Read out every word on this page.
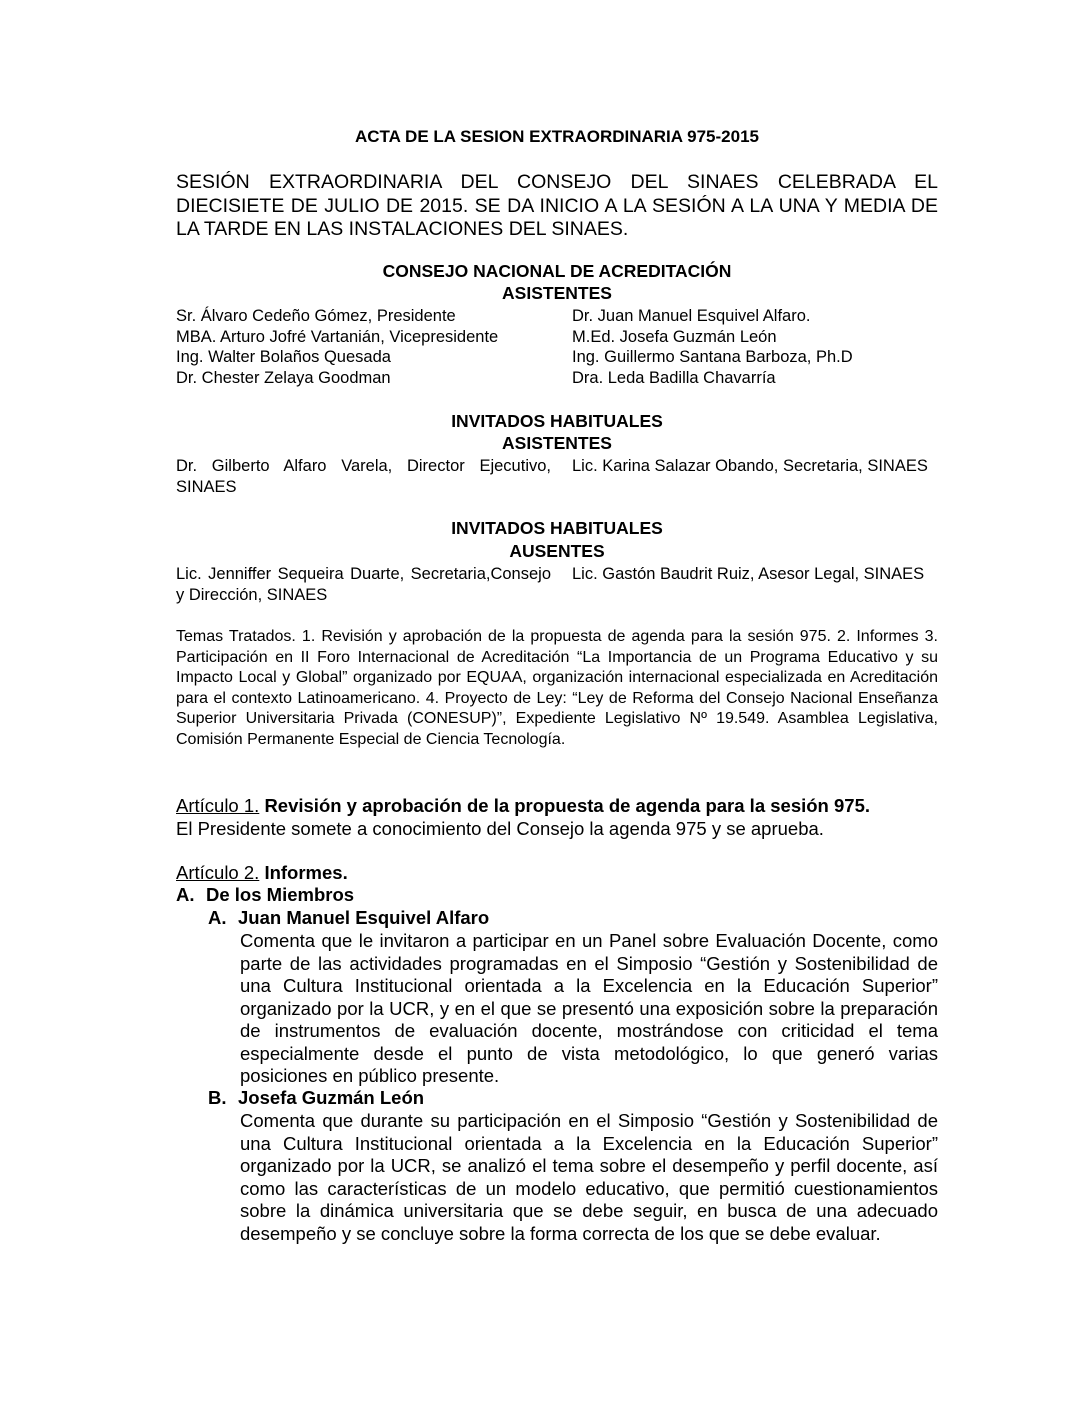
ACTA DE LA SESION EXTRAORDINARIA 975-2015
SESIÓN EXTRAORDINARIA DEL CONSEJO DEL SINAES CELEBRADA EL DIECISIETE DE JULIO DE 2015. SE DA INICIO A LA SESIÓN A LA UNA Y MEDIA DE LA TARDE EN LAS INSTALACIONES DEL SINAES.
CONSEJO NACIONAL DE ACREDITACIÓN
ASISTENTES
Sr. Álvaro Cedeño Gómez, Presidente
MBA. Arturo Jofré Vartanián, Vicepresidente
Ing. Walter Bolaños Quesada
Dr. Chester Zelaya Goodman
Dr. Juan Manuel Esquivel Alfaro.
M.Ed. Josefa Guzmán León
Ing. Guillermo Santana Barboza, Ph.D
Dra. Leda Badilla Chavarría
INVITADOS HABITUALES
ASISTENTES
Dr. Gilberto Alfaro Varela, Director Ejecutivo, SINAES
Lic. Karina Salazar Obando, Secretaria, SINAES
INVITADOS HABITUALES
AUSENTES
Lic. Jenniffer Sequeira Duarte, Secretaria,Consejo y Dirección, SINAES
Lic. Gastón Baudrit Ruiz, Asesor Legal, SINAES
Temas Tratados. 1. Revisión y aprobación de la propuesta de agenda para la sesión 975. 2. Informes 3. Participación en II Foro Internacional de Acreditación “La Importancia de un Programa Educativo y su Impacto Local y Global” organizado por EQUAA, organización internacional especializada en Acreditación para el contexto Latinoamericano. 4. Proyecto de Ley: “Ley de Reforma del Consejo Nacional Enseñanza Superior Universitaria Privada (CONESUP)”, Expediente Legislativo Nº 19.549. Asamblea Legislativa, Comisión Permanente Especial de Ciencia Tecnología.
Artículo 1. Revisión y aprobación de la propuesta de agenda para la sesión 975.
El Presidente somete a conocimiento del Consejo la agenda 975 y se aprueba.
Artículo 2. Informes.
A. De los Miembros
A. Juan Manuel Esquivel Alfaro
Comenta que le invitaron a participar en un Panel sobre Evaluación Docente, como parte de las actividades programadas en el Simposio “Gestión y Sostenibilidad de una Cultura Institucional orientada a la Excelencia en la Educación Superior” organizado por la UCR, y en el que se presentó una exposición sobre la preparación de instrumentos de evaluación docente, mostrándose con criticidad el tema especialmente desde el punto de vista metodológico, lo que generó varias posiciones en público presente.
B. Josefa Guzmán León
Comenta que durante su participación en el Simposio “Gestión y Sostenibilidad de una Cultura Institucional orientada a la Excelencia en la Educación Superior” organizado por la UCR, se analizó el tema sobre el desempeño y perfil docente, así como las características de un modelo educativo, que permitió cuestionamientos sobre la dinámica universitaria que se debe seguir, en busca de una adecuado desempeño y se concluye sobre la forma correcta de los que se debe evaluar.
